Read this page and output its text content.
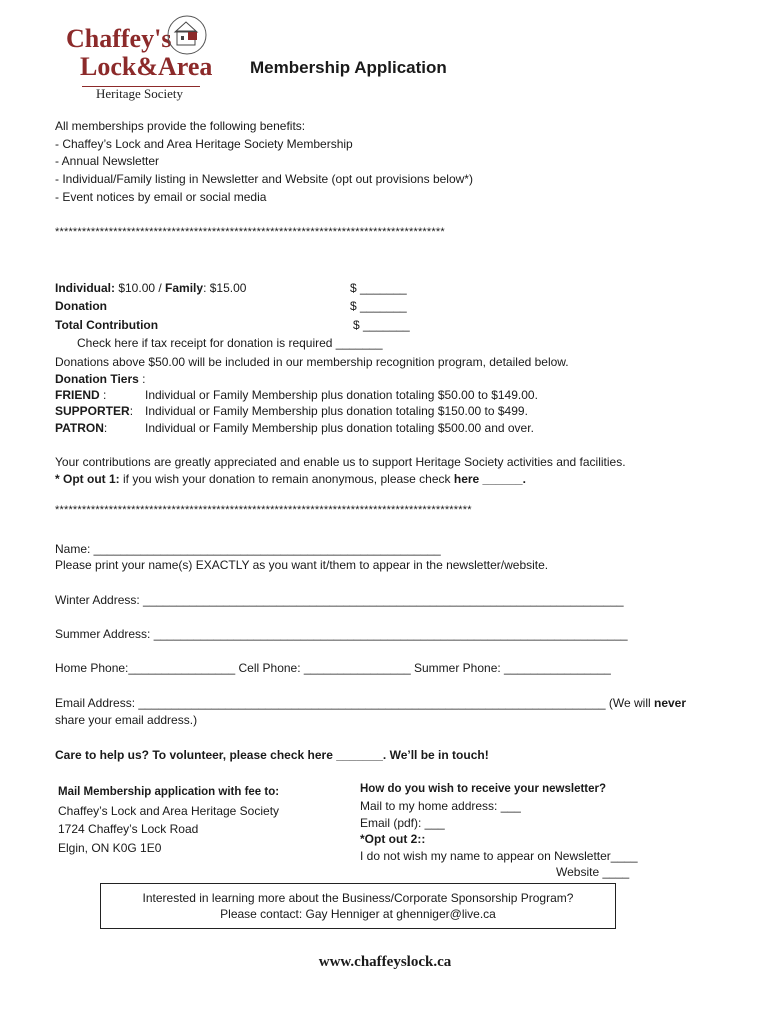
Chaffey's
Lock&Area
Heritage Society
Membership Application
All memberships provide the following benefits:
- Chaffey’s Lock and Area Heritage Society Membership
- Annual Newsletter
- Individual/Family listing in Newsletter and Website (opt out provisions below*)
- Event notices by email or social media
***************************************************************************************
Individual: $10.00 / Family: $15.00	$ _______
Donation	$ _______
Total Contribution	$ _______
Check here if tax receipt for donation is required _______
Donations above $50.00 will be included in our membership recognition program, detailed below.
Donation Tiers :
FRIEND :	Individual or Family Membership plus donation totaling $50.00 to $149.00.
SUPPORTER: Individual or Family Membership plus donation totaling $150.00 to $499.
PATRON:	Individual or Family Membership plus donation totaling $500.00 and over.
Your contributions are greatly appreciated and enable us to support Heritage Society activities and facilities.
* Opt out 1: if you wish your donation to remain anonymous, please check here ______.
*********************************************************************************************
Name: ____________________________________________________
Please print your name(s) EXACTLY as you want it/them to appear in the newsletter/website.
Winter Address: ________________________________________________________________________
Summer Address: _______________________________________________________________________
Home Phone:________________ Cell Phone: ________________ Summer Phone: ________________
Email Address: ______________________________________________________________________ (We will never
share your email address.)
Care to help us? To volunteer, please check here _______. We’ll be in touch!
Mail Membership application with fee to:
Chaffey’s Lock and Area Heritage Society
1724 Chaffey’s Lock Road
Elgin, ON K0G 1E0
How do you wish to receive your newsletter?
Mail to my home address: ___
Email (pdf): ___
*Opt out 2::
I do not wish my name to appear on Newsletter____
Website ____
Interested in learning more about the Business/Corporate Sponsorship Program?
Please contact: Gay Henniger at ghenniger@live.ca
www.chaffeyslock.ca
